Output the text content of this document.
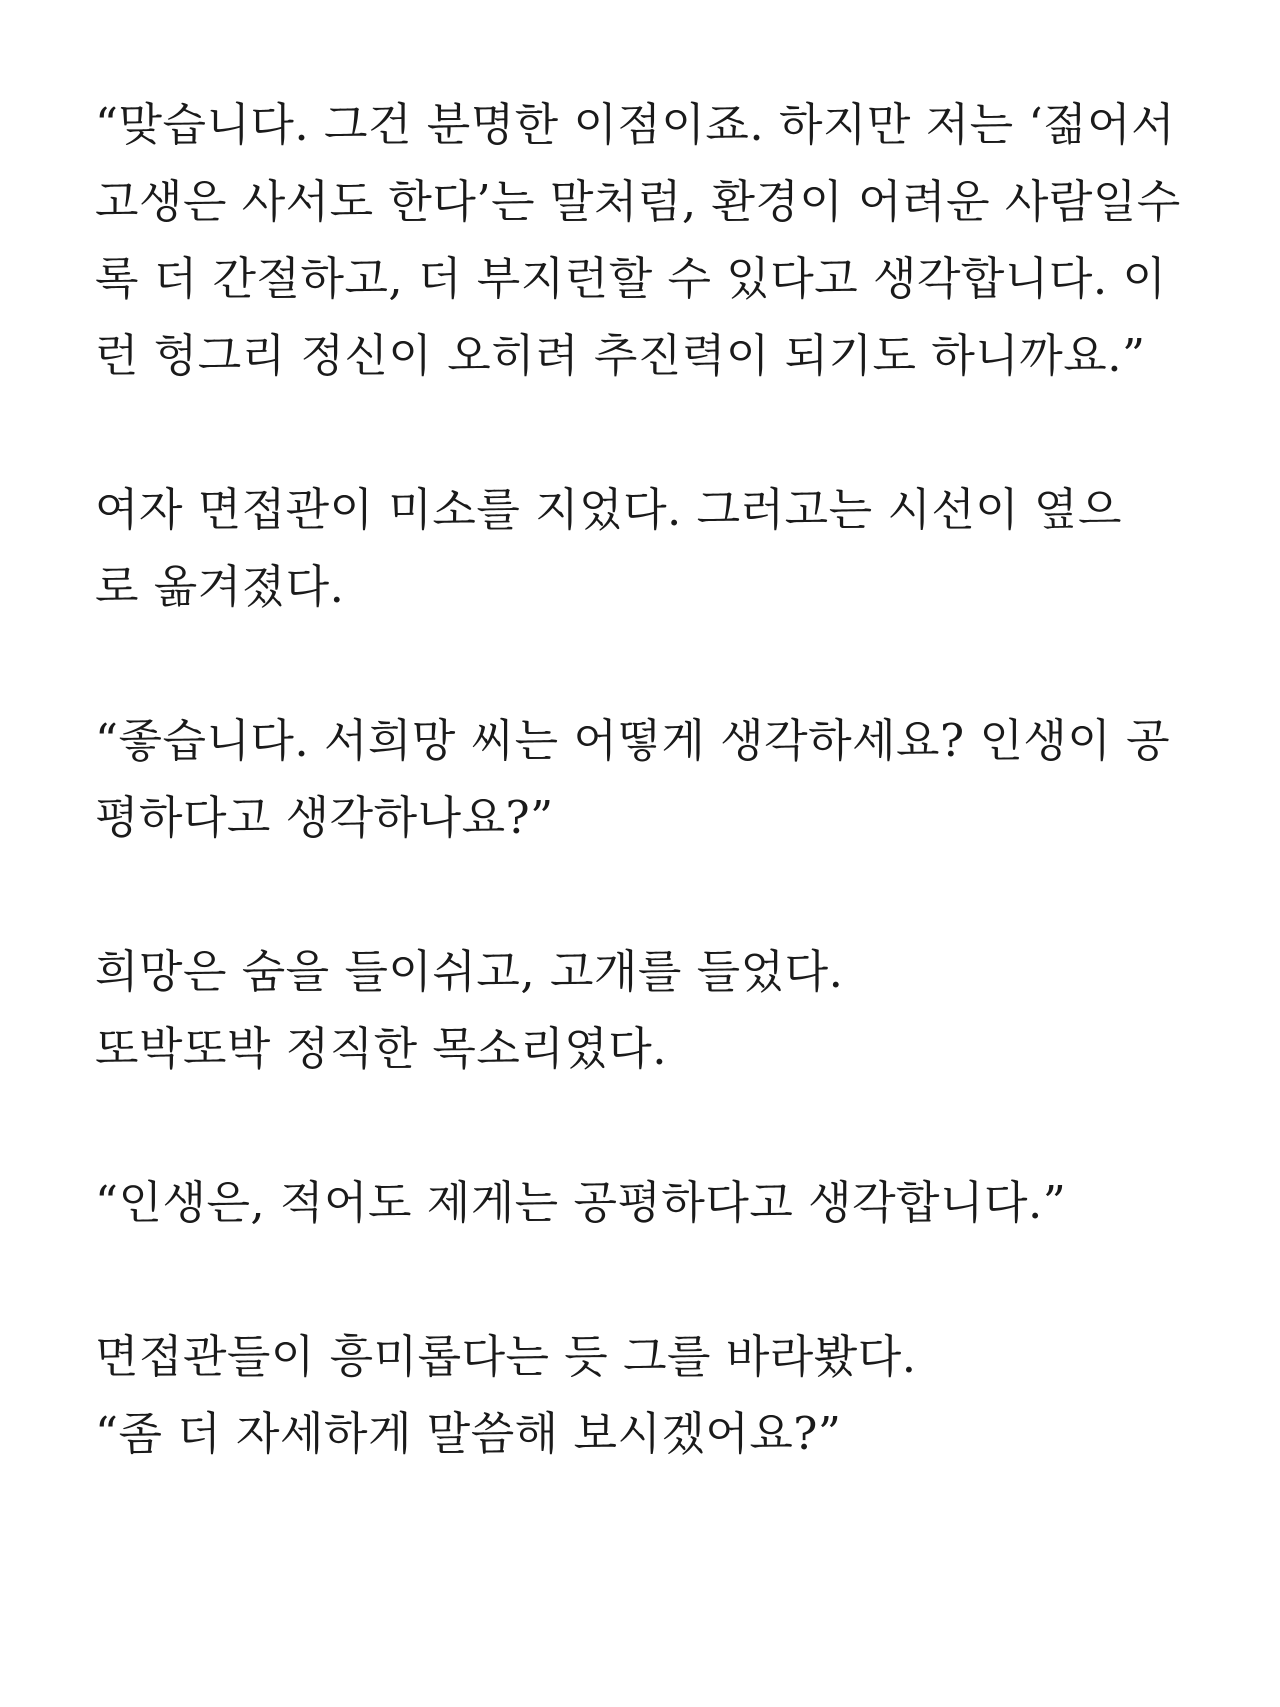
“맞습니다. 그건 분명한 이점이죠. 하지만 저는 ‘젊어서
고생은 사서도 한다’는 말처럼, 환경이 어려운 사람일수
록 더 간절하고, 더 부지런할 수 있다고 생각합니다. 이
런 헝그리 정신이 오히려 추진력이 되기도 하니까요.”
여자 면접관이 미소를 지었다. 그러고는 시선이 옆으
로 옮겨졌다.
“좋습니다. 서희망 씨는 어떻게 생각하세요? 인생이 공
평하다고 생각하나요?”
희망은 숨을 들이쉬고, 고개를 들었다.
또박또박 정직한 목소리였다.
“인생은, 적어도 제게는 공평하다고 생각합니다.”
면접관들이 흥미롭다는 듯 그를 바라봤다.
“좀 더 자세하게 말씀해 보시겠어요?”
